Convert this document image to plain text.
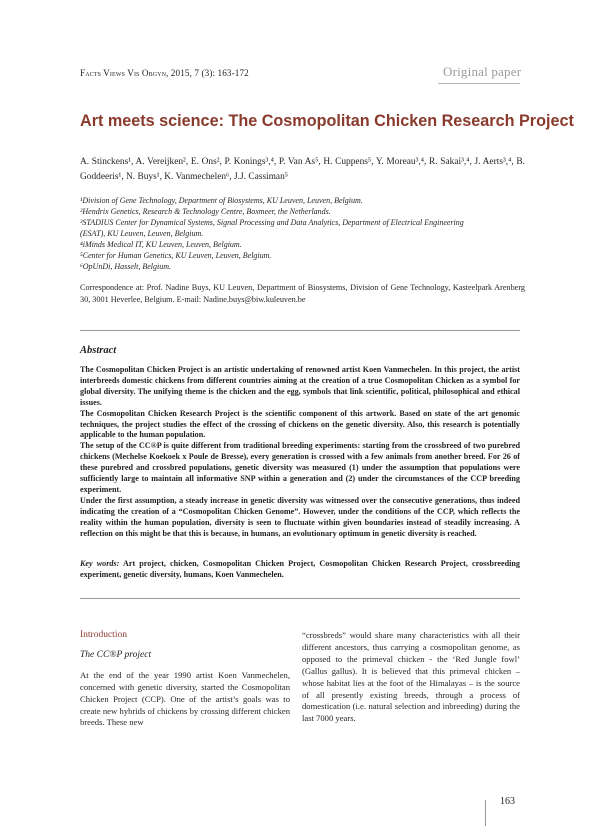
Facts Views Vis Obgyn, 2015, 7 (3): 163-172	Original paper
Art meets science: The Cosmopolitan Chicken Research Project
A. Stinckens¹, A. Vereijken², E. Ons², P. Konings³,⁴, P. Van As⁵, H. Cuppens⁵, Y. Moreau³,⁴, R. Sakai³,⁴, J. Aerts³,⁴, B. Goddeeris¹, N. Buys¹, K. Vanmechelen⁶, J.J. Cassiman⁵
¹Division of Gene Technology, Department of Biosystems, KU Leuven, Leuven, Belgium.
²Hendrix Genetics, Research & Technology Centre, Boxmeer, the Netherlands.
³STADIUS Center for Dynamical Systems, Signal Processing and Data Analytics, Department of Electrical Engineering
(ESAT), KU Leuven, Leuven, Belgium.
⁴iMinds Medical IT, KU Leuven, Leuven, Belgium.
⁵Center for Human Genetics, KU Leuven, Leuven, Belgium.
⁶OpUnDi, Hasselt, Belgium.
Correspondence at: Prof. Nadine Buys, KU Leuven, Department of Biosystems, Division of Gene Technology, Kasteelpark Arenberg 30, 3001 Heverlee, Belgium. E-mail: Nadine.buys@biw.kuleuven.be
Abstract

The Cosmopolitan Chicken Project is an artistic undertaking of renowned artist Koen Vanmechelen. In this project, the artist interbreeds domestic chickens from different countries aiming at the creation of a true Cosmopolitan Chicken as a symbol for global diversity. The unifying theme is the chicken and the egg, symbols that link scientific, political, philosophical and ethical issues.

The Cosmopolitan Chicken Research Project is the scientific component of this artwork. Based on state of the art genomic techniques, the project studies the effect of the crossing of chickens on the genetic diversity. Also, this research is potentially applicable to the human population.

The setup of the CC®P is quite different from traditional breeding experiments: starting from the crossbreed of two purebred chickens (Mechelse Koekoek x Poule de Bresse), every generation is crossed with a few animals from another breed. For 26 of these purebred and crossbred populations, genetic diversity was measured (1) under the assumption that populations were sufficiently large to maintain all informative SNP within a generation and (2) under the circumstances of the CCP breeding experiment.

Under the first assumption, a steady increase in genetic diversity was witnessed over the consecutive generations, thus indeed indicating the creation of a “Cosmopolitan Chicken Genome”. However, under the conditions of the CCP, which reflects the reality within the human population, diversity is seen to fluctuate within given boundaries instead of steadily increasing. A reflection on this might be that this is because, in humans, an evolutionary optimum in genetic diversity is reached.

Key words: Art project, chicken, Cosmopolitan Chicken Project, Cosmopolitan Chicken Research Project, crossbreeding experiment, genetic diversity, humans, Koen Vanmechelen.
Introduction
The CC®P project
At the end of the year 1990 artist Koen Vanmechelen, concerned with genetic diversity, started the Cosmopolitan Chicken Project (CCP). One of the artist’s goals was to create new hybrids of chickens by crossing different chicken breeds. These new
“crossbreds” would share many characteristics with all their different ancestors, thus carrying a cosmopolitan genome, as opposed to the primeval chicken - the ‘Red Jungle fowl’ (Gallus gallus). It is believed that this primeval chicken – whose habitat lies at the foot of the Himalayas – is the source of all presently existing breeds, through a process of domestication (i.e. natural selection and inbreeding) during the last 7000 years.
163
